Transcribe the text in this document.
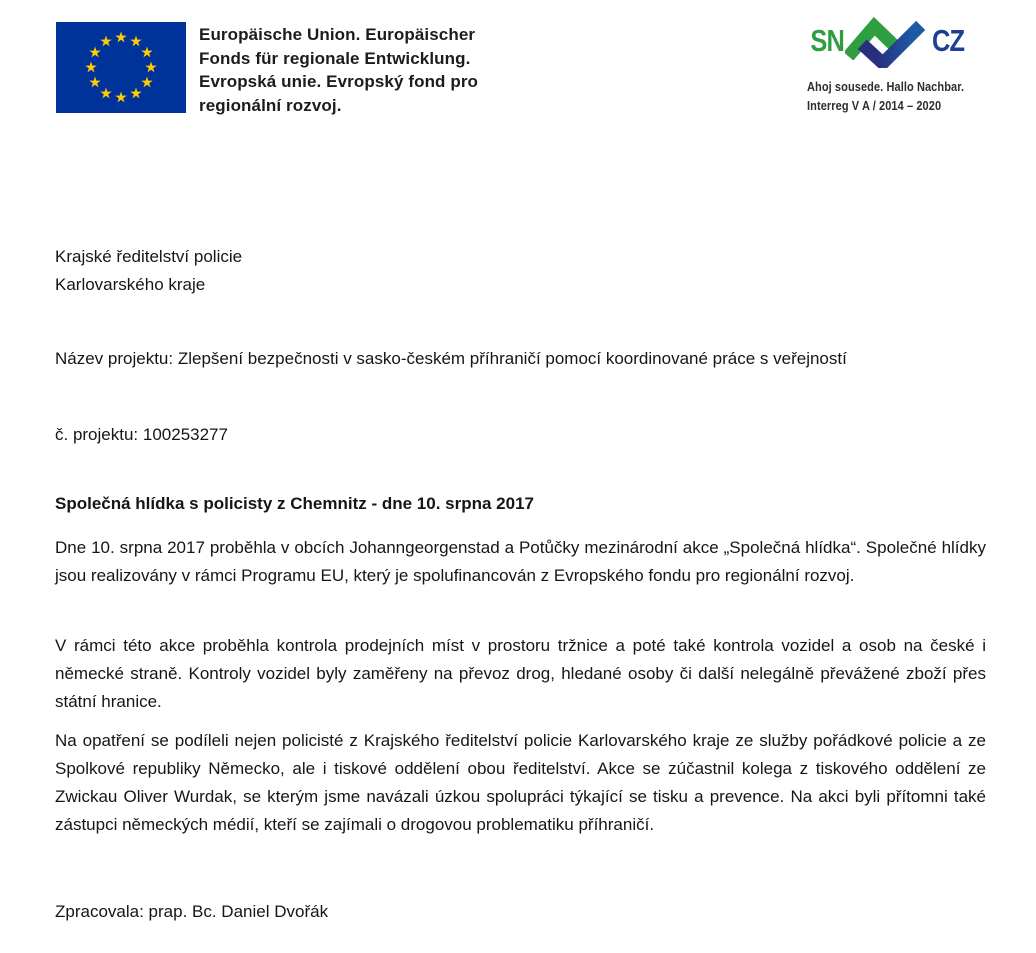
Europäische Union. Europäischer
Fonds für regionale Entwicklung.
Evropská unie. Evropský fond pro
regionální rozvoj.
SN	CZ
Ahoj sousede. Hallo Nachbar.
Interreg V A / 2014 – 2020
Krajské ředitelství policie
Karlovarského kraje
Název projektu: Zlepšení bezpečnosti v sasko-českém příhraničí pomocí koordinované práce s veřejností
č. projektu: 100253277
Společná hlídka s policisty z Chemnitz - dne 10. srpna 2017

Dne 10. srpna 2017 proběhla v obcích Johanngeorgenstad a Potůčky mezinárodní akce „Společná hlídka“. Společné hlídky jsou realizovány v rámci Programu EU, který je spolufinancován z Evropského fondu pro regionální rozvoj.

V rámci této akce proběhla kontrola prodejních míst v prostoru tržnice a poté také kontrola vozidel a osob na české i německé straně. Kontroly vozidel byly zaměřeny na převoz drog, hledané osoby či další nelegálně převážené zboží přes státní hranice.

Na opatření se podíleli nejen policisté z Krajského ředitelství policie Karlovarského kraje ze služby pořádkové policie a ze Spolkové republiky Německo, ale i tiskové oddělení obou ředitelství. Akce se zúčastnil kolega z tiskového oddělení ze Zwickau Oliver Wurdak, se kterým jsme navázali úzkou spolupráci týkající se tisku a prevence. Na akci byli přítomni také zástupci německých médií, kteří se zajímali o drogovou problematiku příhraničí.

Zpracovala: prap. Bc. Daniel Dvořák
